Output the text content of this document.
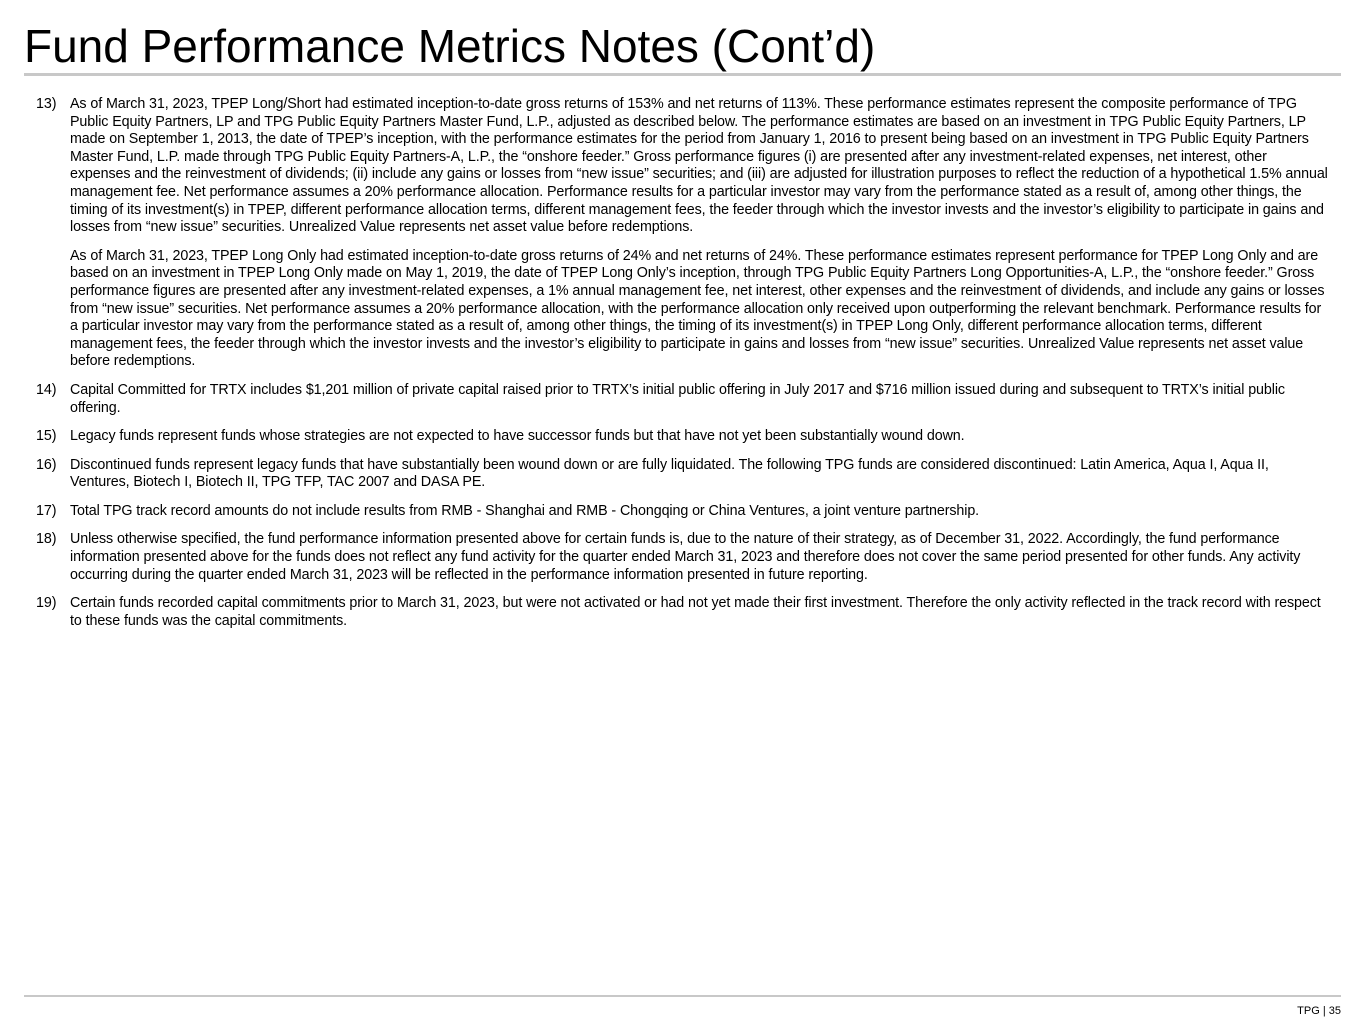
Fund Performance Metrics Notes (Cont’d)
13) As of March 31, 2023, TPEP Long/Short had estimated inception-to-date gross returns of 153% and net returns of 113%. These performance estimates represent the composite performance of TPG Public Equity Partners, LP and TPG Public Equity Partners Master Fund, L.P., adjusted as described below. The performance estimates are based on an investment in TPG Public Equity Partners, LP made on September 1, 2013, the date of TPEP’s inception, with the performance estimates for the period from January 1, 2016 to present being based on an investment in TPG Public Equity Partners Master Fund, L.P. made through TPG Public Equity Partners-A, L.P., the “onshore feeder.” Gross performance figures (i) are presented after any investment-related expenses, net interest, other expenses and the reinvestment of dividends; (ii) include any gains or losses from “new issue” securities; and (iii) are adjusted for illustration purposes to reflect the reduction of a hypothetical 1.5% annual management fee. Net performance assumes a 20% performance allocation. Performance results for a particular investor may vary from the performance stated as a result of, among other things, the timing of its investment(s) in TPEP, different performance allocation terms, different management fees, the feeder through which the investor invests and the investor’s eligibility to participate in gains and losses from “new issue” securities. Unrealized Value represents net asset value before redemptions.

As of March 31, 2023, TPEP Long Only had estimated inception-to-date gross returns of 24% and net returns of 24%. These performance estimates represent performance for TPEP Long Only and are based on an investment in TPEP Long Only made on May 1, 2019, the date of TPEP Long Only’s inception, through TPG Public Equity Partners Long Opportunities-A, L.P., the “onshore feeder.” Gross performance figures are presented after any investment-related expenses, a 1% annual management fee, net interest, other expenses and the reinvestment of dividends, and include any gains or losses from “new issue” securities. Net performance assumes a 20% performance allocation, with the performance allocation only received upon outperforming the relevant benchmark. Performance results for a particular investor may vary from the performance stated as a result of, among other things, the timing of its investment(s) in TPEP Long Only, different performance allocation terms, different management fees, the feeder through which the investor invests and the investor’s eligibility to participate in gains and losses from “new issue” securities. Unrealized Value represents net asset value before redemptions.

14) Capital Committed for TRTX includes $1,201 million of private capital raised prior to TRTX’s initial public offering in July 2017 and $716 million issued during and subsequent to TRTX’s initial public offering.

15) Legacy funds represent funds whose strategies are not expected to have successor funds but that have not yet been substantially wound down.

16) Discontinued funds represent legacy funds that have substantially been wound down or are fully liquidated. The following TPG funds are considered discontinued: Latin America, Aqua I, Aqua II, Ventures, Biotech I, Biotech II, TPG TFP, TAC 2007 and DASA PE.

17) Total TPG track record amounts do not include results from RMB - Shanghai and RMB - Chongqing or China Ventures, a joint venture partnership.

18) Unless otherwise specified, the fund performance information presented above for certain funds is, due to the nature of their strategy, as of December 31, 2022. Accordingly, the fund performance information presented above for the funds does not reflect any fund activity for the quarter ended March 31, 2023 and therefore does not cover the same period presented for other funds. Any activity occurring during the quarter ended March 31, 2023 will be reflected in the performance information presented in future reporting.

19) Certain funds recorded capital commitments prior to March 31, 2023, but were not activated or had not yet made their first investment. Therefore the only activity reflected in the track record with respect to these funds was the capital commitments.

TPG | 35
